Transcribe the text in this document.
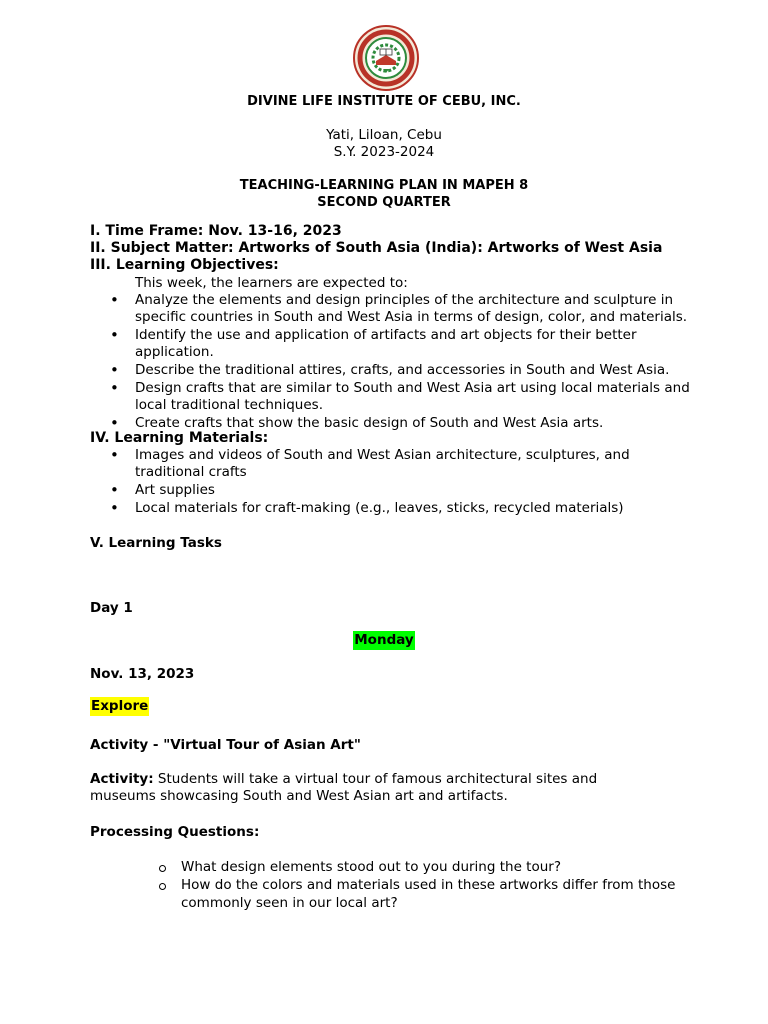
DIVINE LIFE INSTITUTE OF CEBU, INC.
Yati, Liloan, Cebu
S.Y. 2023-2024
TEACHING-LEARNING PLAN IN MAPEH 8
SECOND QUARTER
I. Time Frame: Nov. 13-16, 2023
II. Subject Matter: Artworks of South Asia (India): Artworks of West Asia
III. Learning Objectives:
This week, the learners are expected to:
• Analyze the elements and design principles of the architecture and sculpture in specific countries in South and West Asia in terms of design, color, and materials.
• Identify the use and application of artifacts and art objects for their better application.
• Describe the traditional attires, crafts, and accessories in South and West Asia.
• Design crafts that are similar to South and West Asia art using local materials and local traditional techniques.
• Create crafts that show the basic design of South and West Asia arts.
IV. Learning Materials:
• Images and videos of South and West Asian architecture, sculptures, and traditional crafts
• Art supplies
• Local materials for craft-making (e.g., leaves, sticks, recycled materials)
V. Learning Tasks
Day 1
Monday
Nov. 13, 2023
Explore
Activity - "Virtual Tour of Asian Art"

Activity: Students will take a virtual tour of famous architectural sites and museums showcasing South and West Asian art and artifacts.

Processing Questions:
What design elements stood out to you during the tour?
How do the colors and materials used in these artworks differ from those commonly seen in our local art?
